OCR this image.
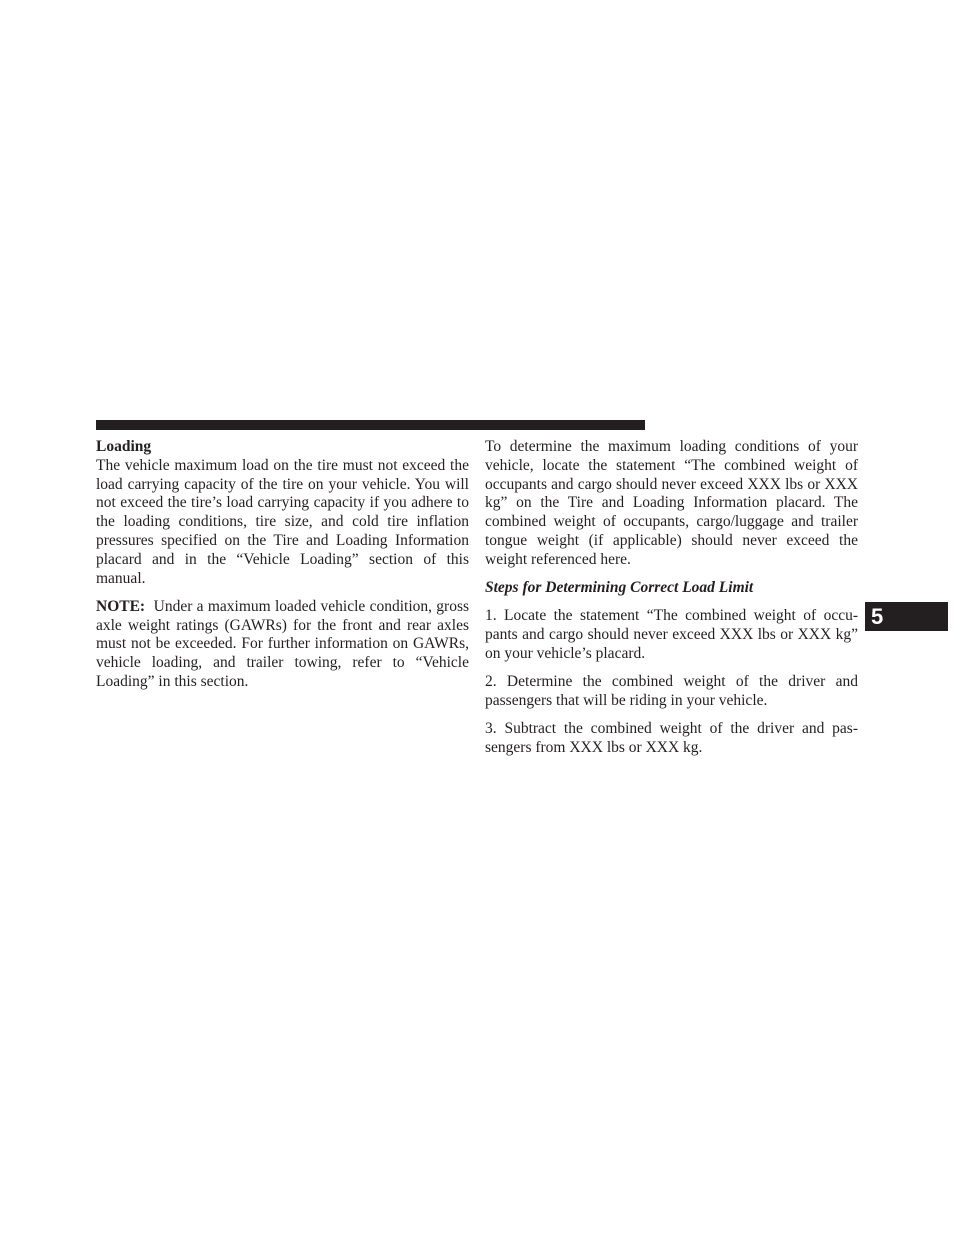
Loading
The vehicle maximum load on the tire must not exceed the load carrying capacity of the tire on your vehicle. You will not exceed the tire’s load carrying capacity if you adhere to the loading conditions, tire size, and cold tire inflation pressures specified on the Tire and Loading Information placard and in the “Vehicle Loading” section of this manual.

NOTE: Under a maximum loaded vehicle condition, gross axle weight ratings (GAWRs) for the front and rear axles must not be exceeded. For further information on GAWRs, vehicle loading, and trailer towing, refer to “Vehicle Loading” in this section.

To determine the maximum loading conditions of your vehicle, locate the statement “The combined weight of occupants and cargo should never exceed XXX lbs or XXX kg” on the Tire and Loading Information placard. The combined weight of occupants, cargo/luggage and trailer tongue weight (if applicable) should never exceed the weight referenced here.

Steps for Determining Correct Load Limit

1. Locate the statement “The combined weight of occu-pants and cargo should never exceed XXX lbs or XXX kg” on your vehicle’s placard.

2. Determine the combined weight of the driver and passengers that will be riding in your vehicle.

3. Subtract the combined weight of the driver and pas-sengers from XXX lbs or XXX kg.

5
